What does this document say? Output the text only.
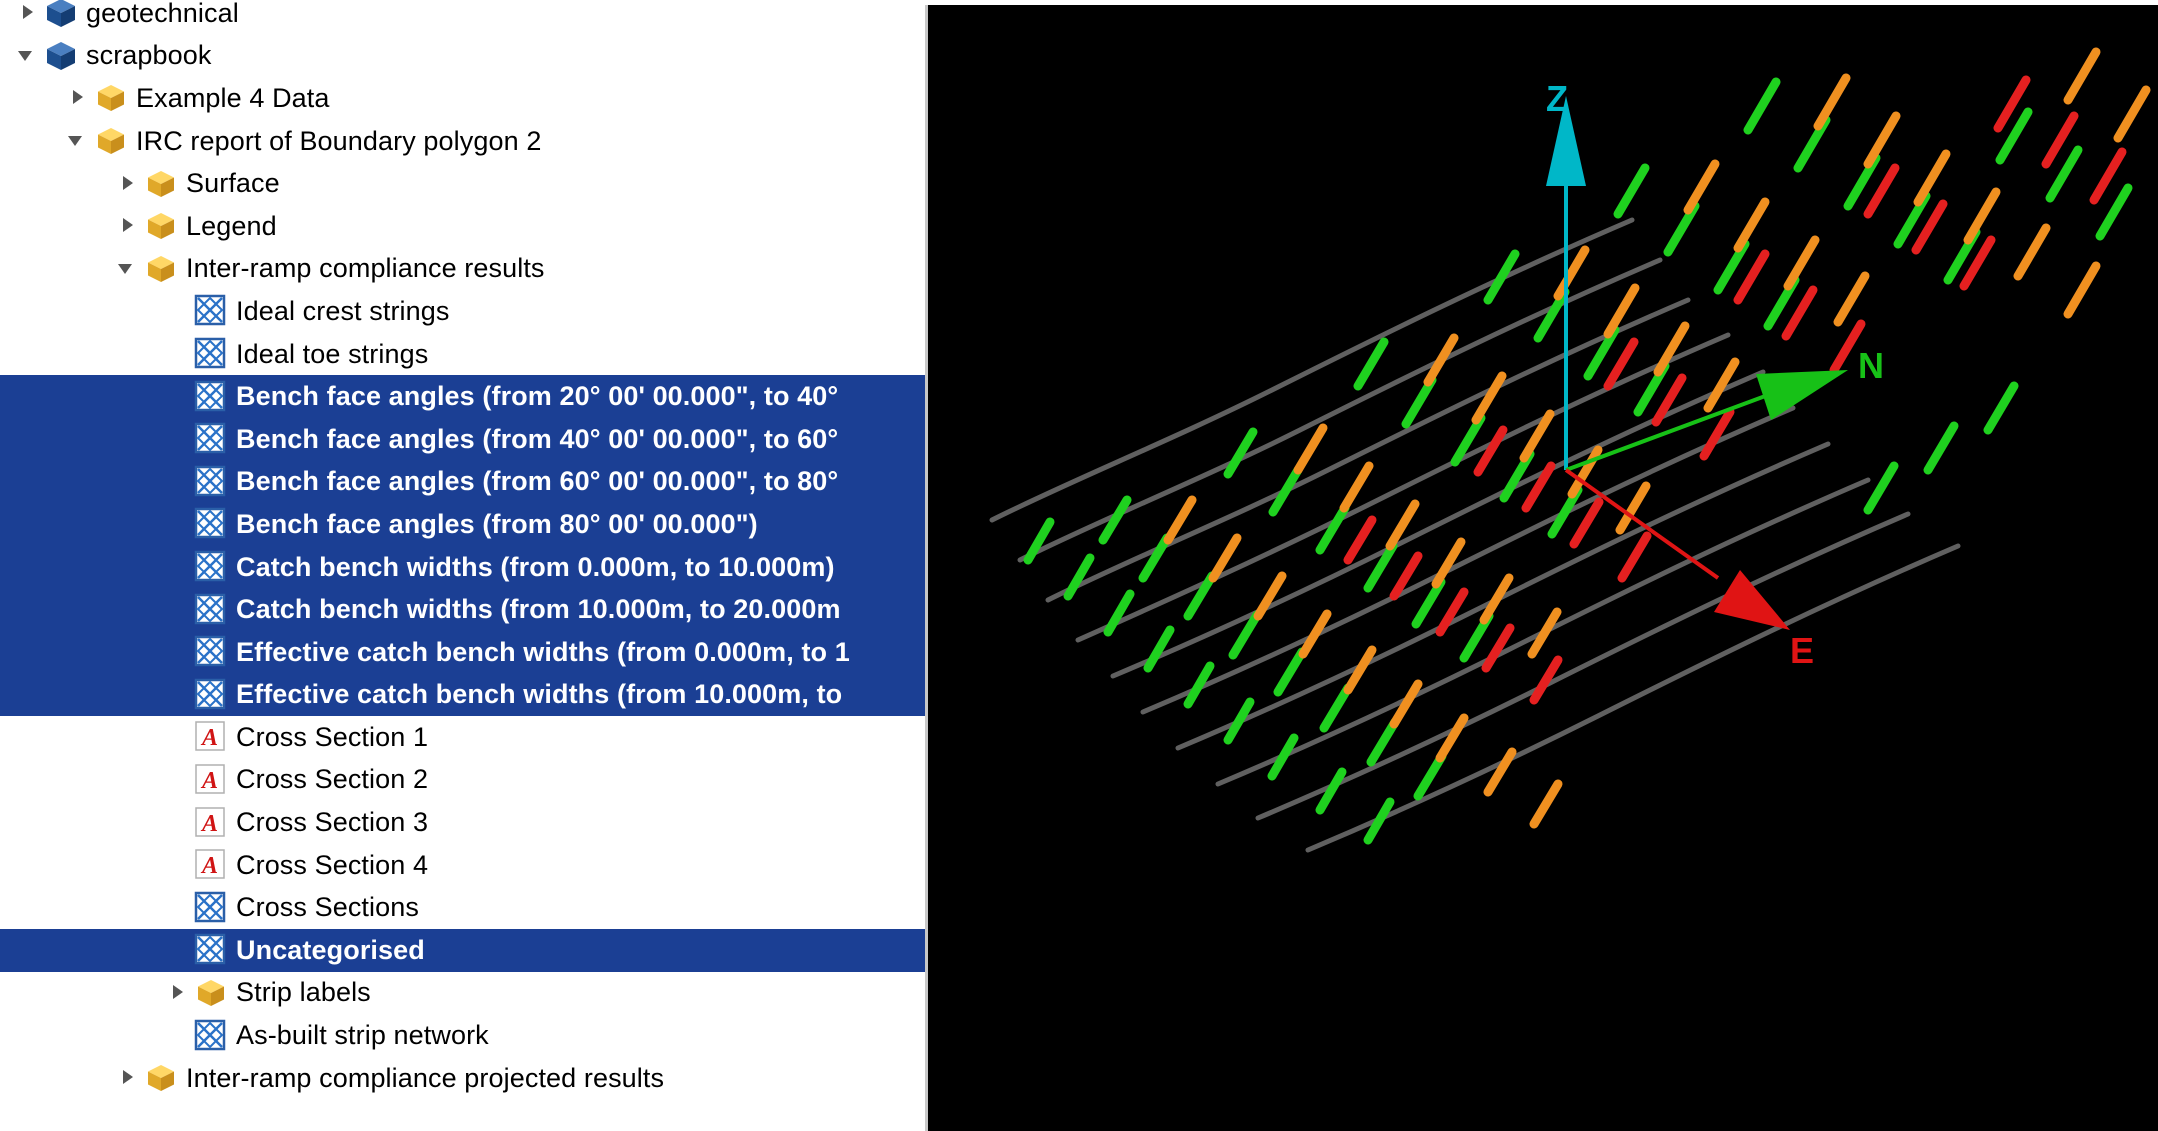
geotechnical
scrapbook
Example 4 Data
IRC report of Boundary polygon 2
Surface
Legend
Inter-ramp compliance results
Ideal crest strings
Ideal toe strings
Bench face angles (from 20° 00' 00.000", to 40°
Bench face angles (from 40° 00' 00.000", to 60°
Bench face angles (from 60° 00' 00.000", to 80°
Bench face angles (from 80° 00' 00.000")
Catch bench widths (from 0.000m, to 10.000m)
Catch bench widths (from 10.000m, to 20.000m
Effective catch bench widths (from 0.000m, to 1
Effective catch bench widths (from 10.000m, to
A Cross Section 1
A Cross Section 2
A Cross Section 3
A Cross Section 4
Cross Sections
Uncategorised
Strip labels
As-built strip network
Inter-ramp compliance projected results
Z
N
E
